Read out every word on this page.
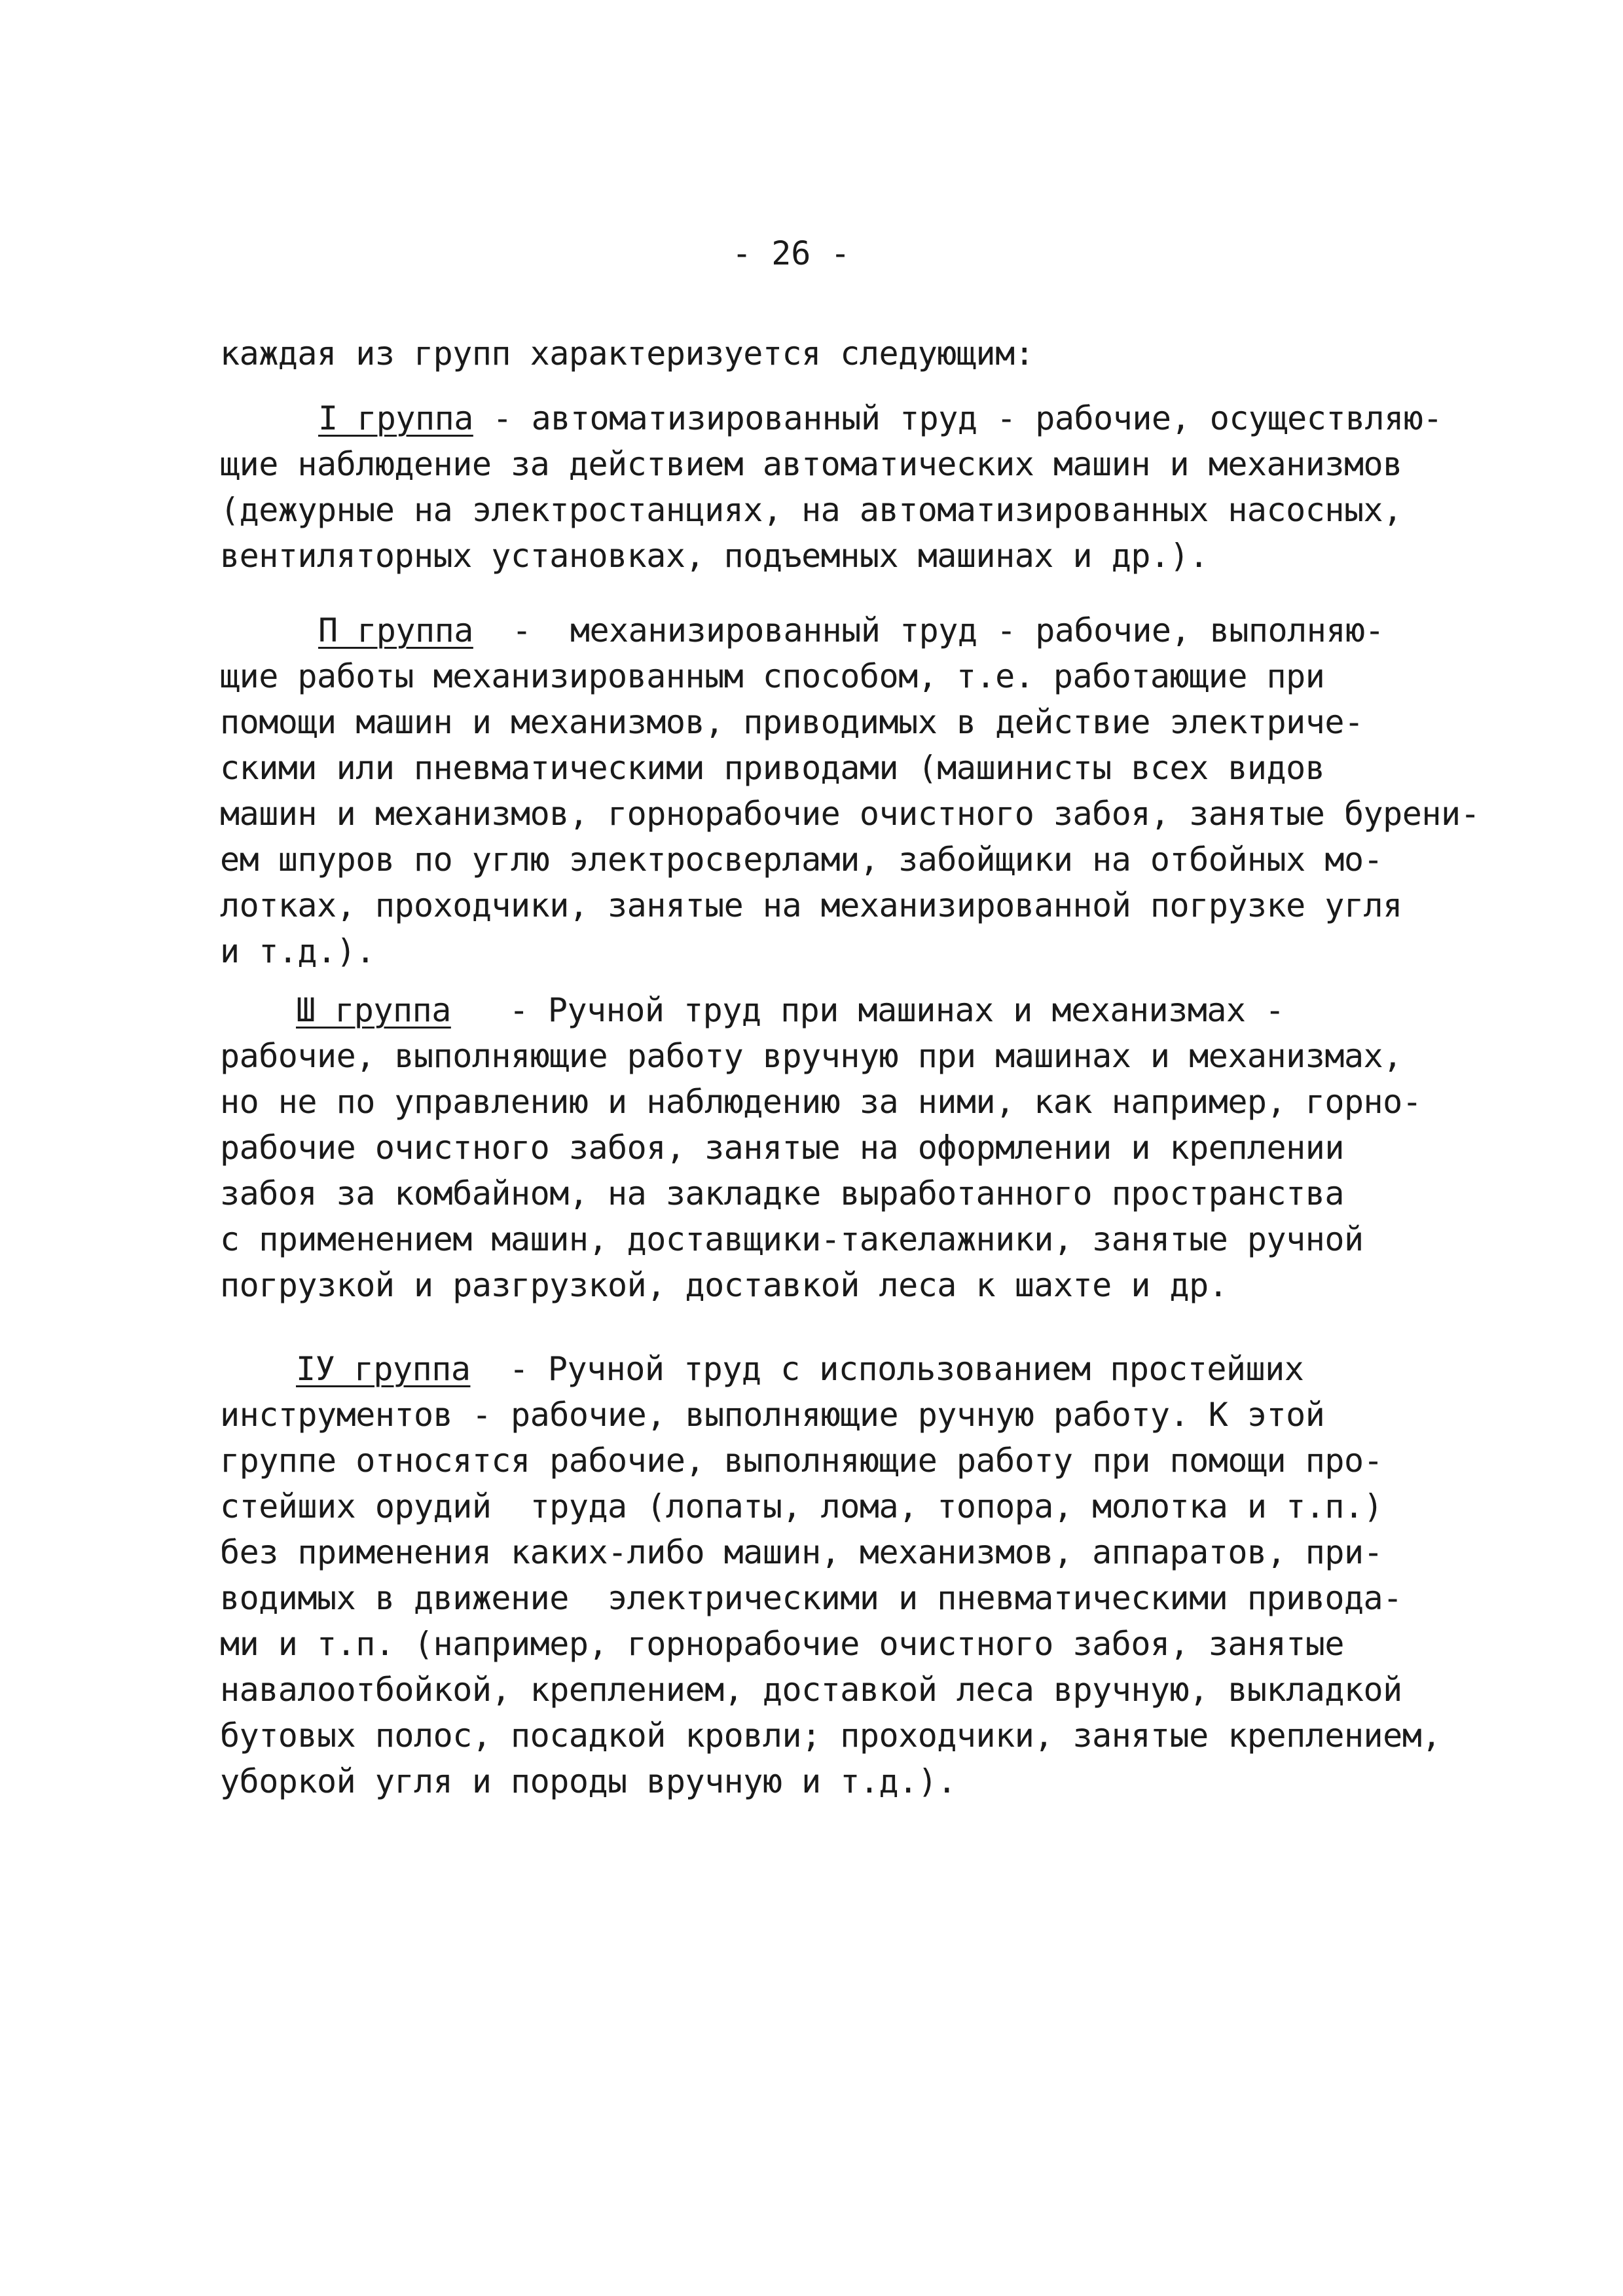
- 26 -
каждая из групп характеризуется следующим:
I группа - автоматизированный труд - рабочие, осуществляю-
щие наблюдение за действием автоматических машин и механизмов
(дежурные на электростанциях, на автоматизированных насосных,
вентиляторных установках, подъемных машинах и др.).
П группа  -  механизированный труд - рабочие, выполняю-
щие работы механизированным способом, т.е. работающие при
помощи машин и механизмов, приводимых в действие электриче-
скими или пневматическими приводами (машинисты всех видов
машин и механизмов, горнорабочие очистного забоя, занятые бурени-
ем шпуров по углю электросверлами, забойщики на отбойных мо-
лотках, проходчики, занятые на механизированной погрузке угля
и т.д.).
Ш группа   - Ручной труд при машинах и механизмах -
рабочие, выполняющие работу вручную при машинах и механизмах,
но не по управлению и наблюдению за ними, как например, горно-
рабочие очистного забоя, занятые на оформлении и креплении
забоя за комбайном, на закладке выработанного пространства
с применением машин, доставщики-такелажники, занятые ручной
погрузкой и разгрузкой, доставкой леса к шахте и др.
IУ группа  - Ручной труд с использованием простейших
инструментов - рабочие, выполняющие ручную работу. К этой
группе относятся рабочие, выполняющие работу при помощи про-
стейших орудий  труда (лопаты, лома, топора, молотка и т.п.)
без применения каких-либо машин, механизмов, аппаратов, при-
водимых в движение  электрическими и пневматическими привода-
ми и т.п. (например, горнорабочие очистного забоя, занятые
навалоотбойкой, креплением, доставкой леса вручную, выкладкой
бутовых полос, посадкой кровли; проходчики, занятые креплением,
уборкой угля и породы вручную и т.д.).
